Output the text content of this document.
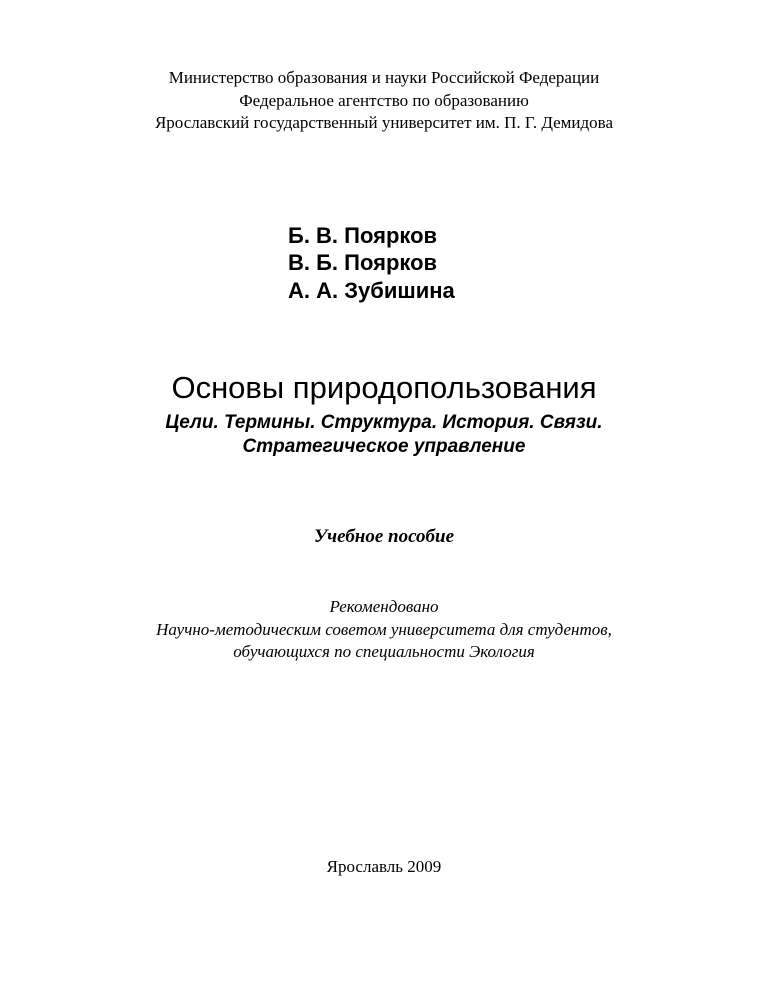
Министерство образования и науки Российской Федерации

Федеральное агентство по образованию

Ярославский государственный университет им. П. Г. Демидова

Б. В. Поярков

В. Б. Поярков

А. А. Зубишина

Основы природопользования

Цели. Термины. Структура. История. Связи.

Стратегическое управление

Учебное пособие

Рекомендовано

Научно-методическим советом университета для студентов,

обучающихся по специальности Экология

Ярославль 2009
